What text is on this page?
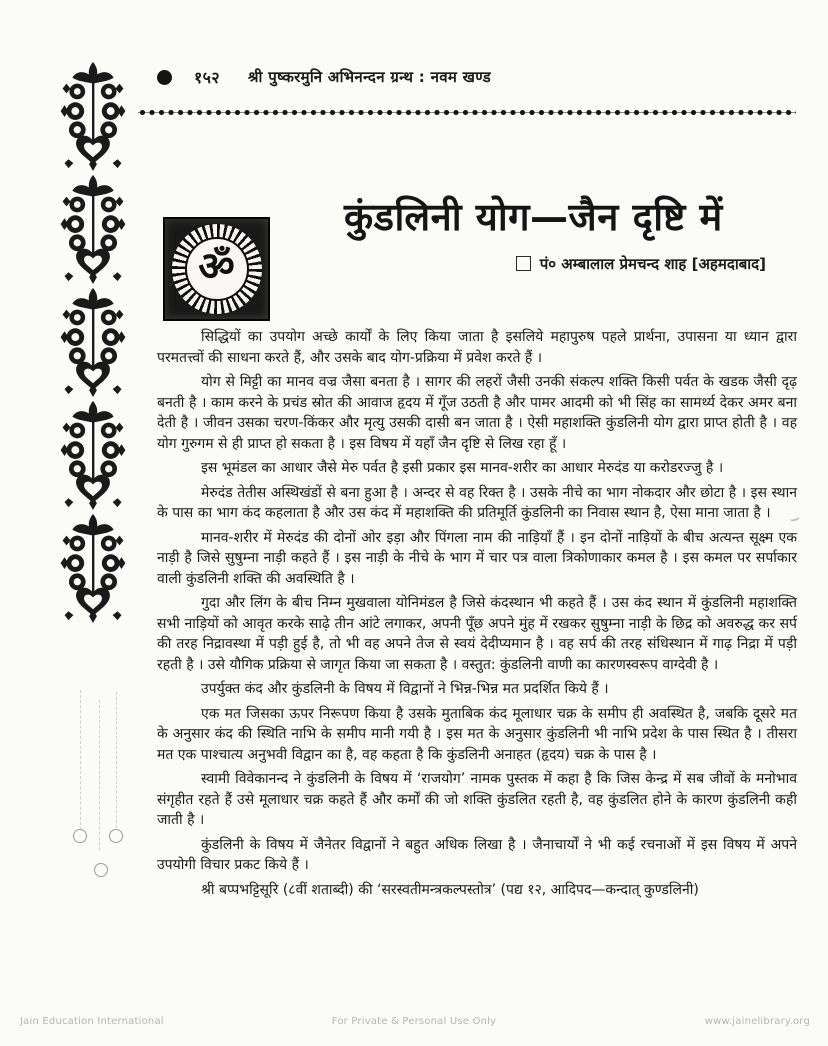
१५२ श्री पुष्करमुनि अभिनन्दन ग्रन्थ : नवम खण्ड
ॐ
कुंडलिनी योग—जैन दृष्टि में
पं० अम्बालाल प्रेमचन्द शाह [अहमदाबाद]

सिद्धियों का उपयोग अच्छे कार्यों के लिए किया जाता है इसलिये महापुरुष पहले प्रार्थना, उपासना या ध्यान द्वारा परमतत्त्वों की साधना करते हैं, और उसके बाद योग-प्रक्रिया में प्रवेश करते हैं ।

योग से मिट्टी का मानव वज्र जैसा बनता है । सागर की लहरों जैसी उनकी संकल्प शक्ति किसी पर्वत के खडक जैसी दृढ़ बनती है । काम करने के प्रचंड स्रोत की आवाज हृदय में गूँज उठती है और पामर आदमी को भी सिंह का सामर्थ्य देकर अमर बना देती है । जीवन उसका चरण-किंकर और मृत्यु उसकी दासी बन जाता है । ऐसी महाशक्ति कुंडलिनी योग द्वारा प्राप्त होती है । वह योग गुरुगम से ही प्राप्त हो सकता है । इस विषय में यहाँ जैन दृष्टि से लिख रहा हूँ ।

इस भूमंडल का आधार जैसे मेरु पर्वत है इसी प्रकार इस मानव-शरीर का आधार मेरुदंड या करोडरज्जु है ।

मेरुदंड तेतीस अस्थिखंडों से बना हुआ है । अन्दर से वह रिक्त है । उसके नीचे का भाग नोकदार और छोटा है । इस स्थान के पास का भाग कंद कहलाता है और उस कंद में महाशक्ति की प्रतिमूर्ति कुंडलिनी का निवास स्थान है, ऐसा माना जाता है ।

मानव-शरीर में मेरुदंड की दोनों ओर इड़ा और पिंगला नाम की नाड़ियाँ हैं । इन दोनों नाड़ियों के बीच अत्यन्त सूक्ष्म एक नाड़ी है जिसे सुषुम्ना नाड़ी कहते हैं । इस नाड़ी के नीचे के भाग में चार पत्र वाला त्रिकोणाकार कमल है । इस कमल पर सर्पाकार वाली कुंडलिनी शक्ति की अवस्थिति है ।

गुदा और लिंग के बीच निम्न मुखवाला योनिमंडल है जिसे कंदस्थान भी कहते हैं । उस कंद स्थान में कुंडलिनी महाशक्ति सभी नाड़ियों को आवृत करके साढ़े तीन आंटे लगाकर, अपनी पूँछ अपने मुंह में रखकर सुषुम्ना नाड़ी के छिद्र को अवरुद्ध कर सर्प की तरह निद्रावस्था में पड़ी हुई है, तो भी वह अपने तेज से स्वयं देदीप्यमान है । वह सर्प की तरह संधिस्थान में गाढ़ निद्रा में पड़ी रहती है । उसे यौगिक प्रक्रिया से जागृत किया जा सकता है । वस्तुत: कुंडलिनी वाणी का कारणस्वरूप वाग्देवी है ।

उपर्युक्त कंद और कुंडलिनी के विषय में विद्वानों ने भिन्न-भिन्न मत प्रदर्शित किये हैं ।

एक मत जिसका ऊपर निरूपण किया है उसके मुताबिक कंद मूलाधार चक्र के समीप ही अवस्थित है, जबकि दूसरे मत के अनुसार कंद की स्थिति नाभि के समीप मानी गयी है । इस मत के अनुसार कुंडलिनी भी नाभि प्रदेश के पास स्थित है । तीसरा मत एक पाश्चात्य अनुभवी विद्वान का है, वह कहता है कि कुंडलिनी अनाहत (हृदय) चक्र के पास है ।

स्वामी विवेकानन्द ने कुंडलिनी के विषय में ‘राजयोग’ नामक पुस्तक में कहा है कि जिस केन्द्र में सब जीवों के मनोभाव संगृहीत रहते हैं उसे मूलाधार चक्र कहते हैं और कर्मों की जो शक्ति कुंडलित रहती है, वह कुंडलित होने के कारण कुंडलिनी कही जाती है ।

कुंडलिनी के विषय में जैनेतर विद्वानों ने बहुत अधिक लिखा है । जैनाचार्यों ने भी कई रचनाओं में इस विषय में अपने उपयोगी विचार प्रकट किये हैं ।

श्री बप्पभट्टिसूरि (८वीं शताब्दी) की ‘सरस्वतीमन्त्रकल्पस्तोत्र’ (पद्य १२, आदिपद—कन्दात् कुण्डलिनी)

Jain Education International	For Private & Personal Use Only	www.jainelibrary.org
